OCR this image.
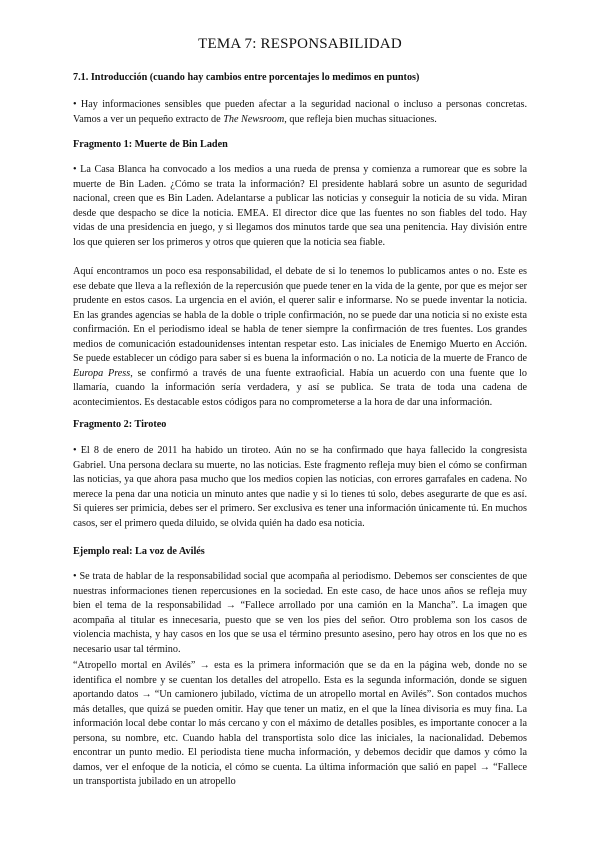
TEMA 7: RESPONSABILIDAD
7.1. Introducción (cuando hay cambios entre porcentajes lo medimos en puntos)

• Hay informaciones sensibles que pueden afectar a la seguridad nacional o incluso a personas concretas. Vamos a ver un pequeño extracto de The Newsroom, que refleja bien muchas situaciones.

Fragmento 1: Muerte de Bin Laden

• La Casa Blanca ha convocado a los medios a una rueda de prensa y comienza a rumorear que es sobre la muerte de Bin Laden. ¿Cómo se trata la información? El presidente hablará sobre un asunto de seguridad nacional, creen que es Bin Laden. Adelantarse a publicar las noticias y conseguir la noticia de su vida. Miran desde que despacho se dice la noticia. EMEA. El director dice que las fuentes no son fiables del todo. Hay vidas de una presidencia en juego, y si llegamos dos minutos tarde que sea una penitencia. Hay división entre los que quieren ser los primeros y otros que quieren que la noticia sea fiable.

Aquí encontramos un poco esa responsabilidad, el debate de si lo tenemos lo publicamos antes o no. Este es ese debate que lleva a la reflexión de la repercusión que puede tener en la vida de la gente, por que es mejor ser prudente en estos casos. La urgencia en el avión, el querer salir e informarse. No se puede inventar la noticia. En las grandes agencias se habla de la doble o triple confirmación, no se puede dar una noticia si no existe esta confirmación. En el periodismo ideal se habla de tener siempre la confirmación de tres fuentes. Los grandes medios de comunicación estadounidenses intentan respetar esto. Las iniciales de Enemigo Muerto en Acción. Se puede establecer un código para saber si es buena la información o no. La noticia de la muerte de Franco de Europa Press, se confirmó a través de una fuente extraoficial. Había un acuerdo con una fuente que lo llamaría, cuando la información sería verdadera, y así se publica. Se trata de toda una cadena de acontecimientos. Es destacable estos códigos para no comprometerse a la hora de dar una información.

Fragmento 2: Tiroteo

• El 8 de enero de 2011 ha habido un tiroteo. Aún no se ha confirmado que haya fallecido la congresista Gabriel. Una persona declara su muerte, no las noticias. Este fragmento refleja muy bien el cómo se confirman las noticias, ya que ahora pasa mucho que los medios copien las noticias, con errores garrafales en cadena. No merece la pena dar una noticia un minuto antes que nadie y si lo tienes tú solo, debes asegurarte de que es así. Si quieres ser primicia, debes ser el primero. Ser exclusiva es tener una información únicamente tú. En muchos casos, ser el primero queda diluido, se olvida quién ha dado esa noticia.

Ejemplo real: La voz de Avilés

• Se trata de hablar de la responsabilidad social que acompaña al periodismo. Debemos ser conscientes de que nuestras informaciones tienen repercusiones en la sociedad. En este caso, de hace unos años se refleja muy bien el tema de la responsabilidad → “Fallece arrollado por una camión en la Mancha”. La imagen que acompaña al titular es innecesaria, puesto que se ven los pies del señor. Otro problema son los casos de violencia machista, y hay casos en los que se usa el término presunto asesino, pero hay otros en los que no es necesario usar tal término.

“Atropello mortal en Avilés” → esta es la primera información que se da en la página web, donde no se identifica el nombre y se cuentan los detalles del atropello. Esta es la segunda información, donde se siguen aportando datos → “Un camionero jubilado, víctima de un atropello mortal en Avilés”. Son contados muchos más detalles, que quizá se pueden omitir. Hay que tener un matiz, en el que la línea divisoria es muy fina. La información local debe contar lo más cercano y con el máximo de detalles posibles, es importante conocer a la persona, su nombre, etc. Cuando habla del transportista solo dice las iniciales, la nacionalidad. Debemos encontrar un punto medio. El periodista tiene mucha información, y debemos decidir que damos y cómo la damos, ver el enfoque de la noticia, el cómo se cuenta. La última información que salió en papel → “Fallece un transportista jubilado en un atropello
